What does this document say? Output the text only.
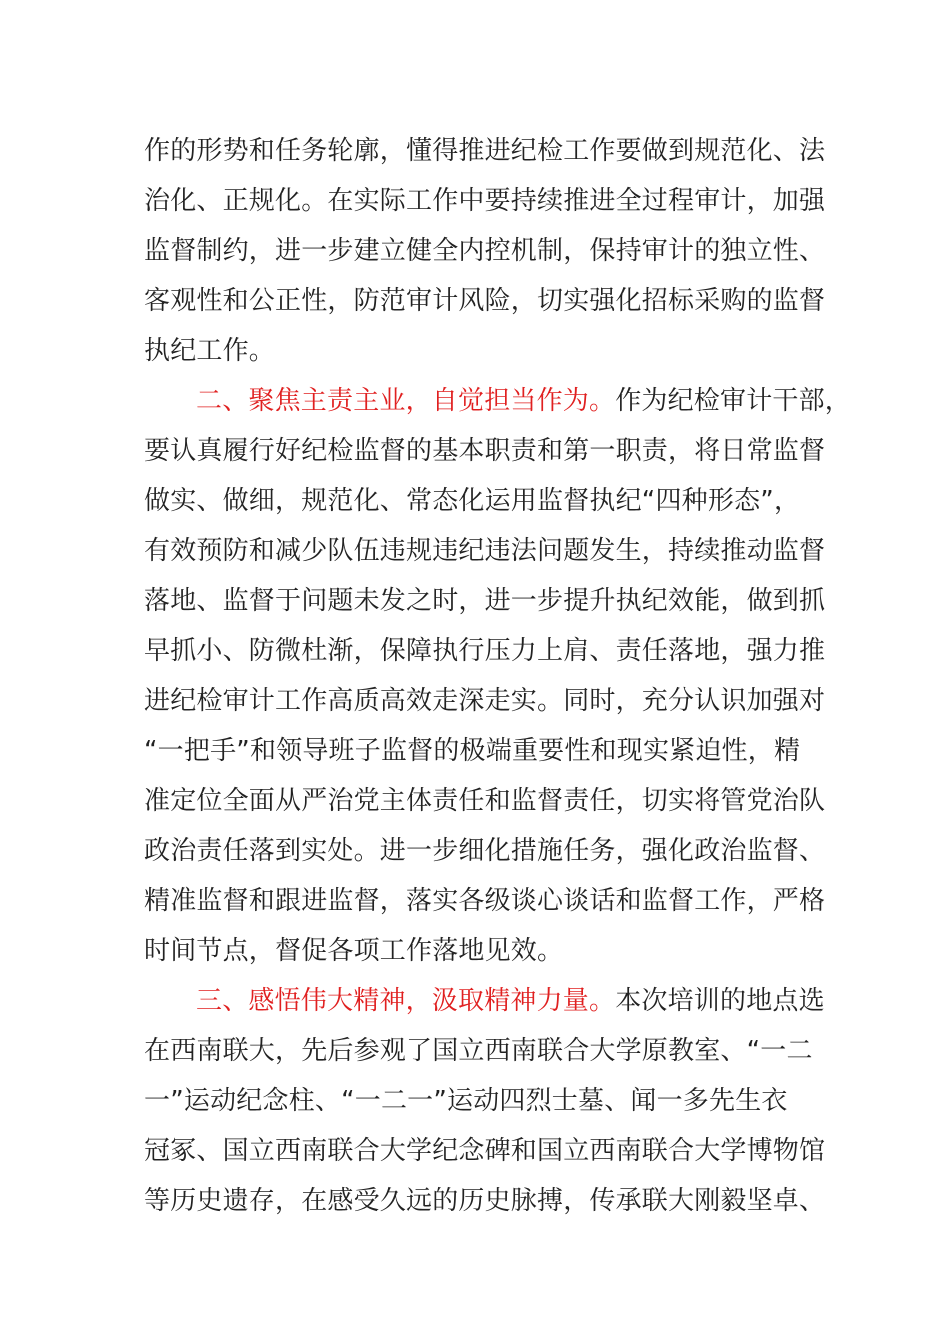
作的形势和任务轮廓，懂得推进纪检工作要做到规范化、法
治化、正规化。在实际工作中要持续推进全过程审计，加强
监督制约，进一步建立健全内控机制，保持审计的独立性、
客观性和公正性，防范审计风险，切实强化招标采购的监督
执纪工作。
二、聚焦主责主业，自觉担当作为。作为纪检审计干部，
要认真履行好纪检监督的基本职责和第一职责，将日常监督
做实、做细，规范化、常态化运用监督执纪“四种形态”，
有效预防和减少队伍违规违纪违法问题发生，持续推动监督
落地、监督于问题未发之时，进一步提升执纪效能，做到抓
早抓小、防微杜渐，保障执行压力上肩、责任落地，强力推
进纪检审计工作高质高效走深走实。同时，充分认识加强对
“一把手”和领导班子监督的极端重要性和现实紧迫性，精
准定位全面从严治党主体责任和监督责任，切实将管党治队
政治责任落到实处。进一步细化措施任务，强化政治监督、
精准监督和跟进监督，落实各级谈心谈话和监督工作，严格
时间节点，督促各项工作落地见效。
三、感悟伟大精神，汲取精神力量。本次培训的地点选
在西南联大，先后参观了国立西南联合大学原教室、“一二
一”运动纪念柱、“一二一”运动四烈士墓、闻一多先生衣
冠冢、国立西南联合大学纪念碑和国立西南联合大学博物馆
等历史遗存，在感受久远的历史脉搏，传承联大刚毅坚卓、
